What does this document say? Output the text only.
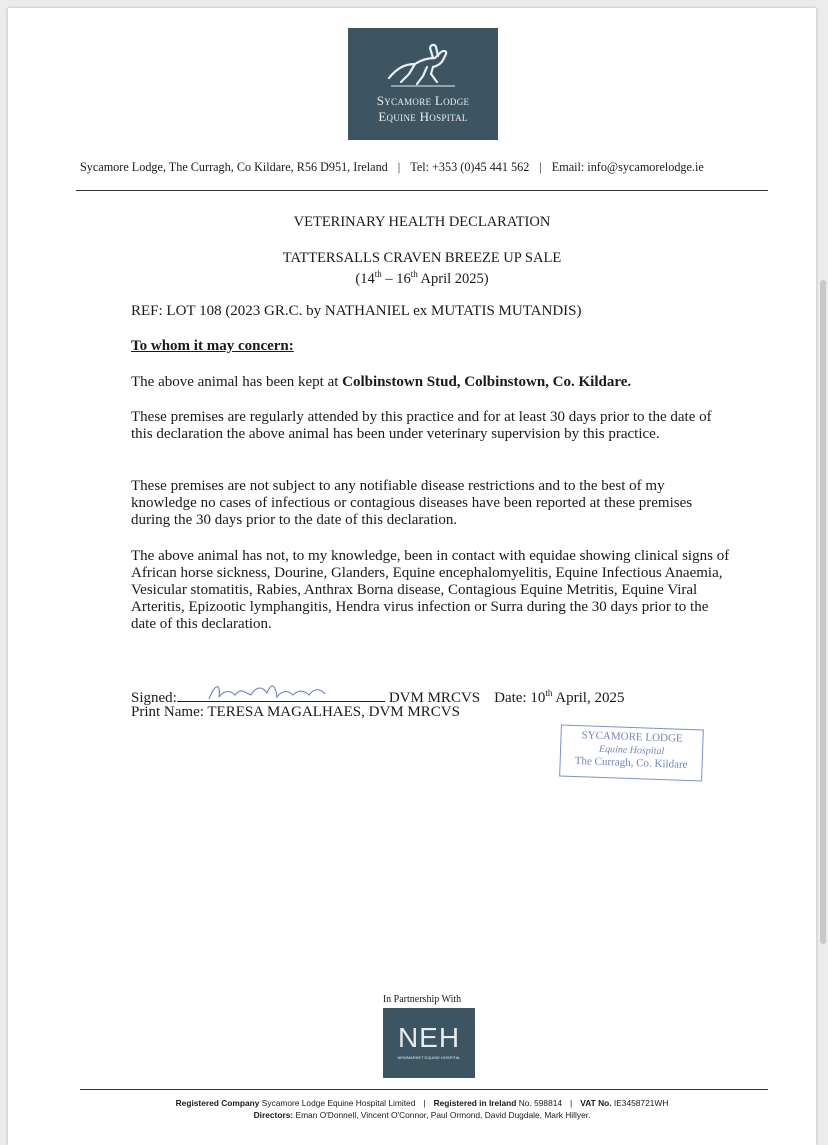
Sycamore Lodge
Equine Hospital
Sycamore Lodge, The Curragh, Co Kildare, R56 D951, Ireland | Tel: +353 (0)45 441 562 | Email: info@sycamorelodge.ie
VETERINARY HEALTH DECLARATION
TATTERSALLS CRAVEN BREEZE UP SALE
(14th – 16th April 2025)
REF: LOT 108 (2023 GR.C. by NATHANIEL ex MUTATIS MUTANDIS)
To whom it may concern:
The above animal has been kept at Colbinstown Stud, Colbinstown, Co. Kildare.
These premises are regularly attended by this practice and for at least 30 days prior to the date of this declaration the above animal has been under veterinary supervision by this practice.
These premises are not subject to any notifiable disease restrictions and to the best of my knowledge no cases of infectious or contagious diseases have been reported at these premises during the 30 days prior to the date of this declaration.
The above animal has not, to my knowledge, been in contact with equidae showing clinical signs of African horse sickness, Dourine, Glanders, Equine encephalomyelitis, Equine Infectious Anaemia, Vesicular stomatitis, Rabies, Anthrax Borna disease, Contagious Equine Metritis, Equine Viral Arteritis, Epizootic lymphangitis, Hendra virus infection or Surra during the 30 days prior to the date of this declaration.
Signed:	DVM MRCVS Date: 10th April, 2025
Print Name: TERESA MAGALHAES, DVM MRCVS
SYCAMORE LODGE
Equine Hospital
The Curragh, Co. Kildare
In Partnership With
NEH
NEWMARKET EQUINE HOSPITAL
Registered Company Sycamore Lodge Equine Hospital Limited | Registered in Ireland No. 598814 | VAT No. IE3458721WH
Directors: Eman O'Donnell, Vincent O'Connor, Paul Ormond, David Dugdale, Mark Hillyer.
